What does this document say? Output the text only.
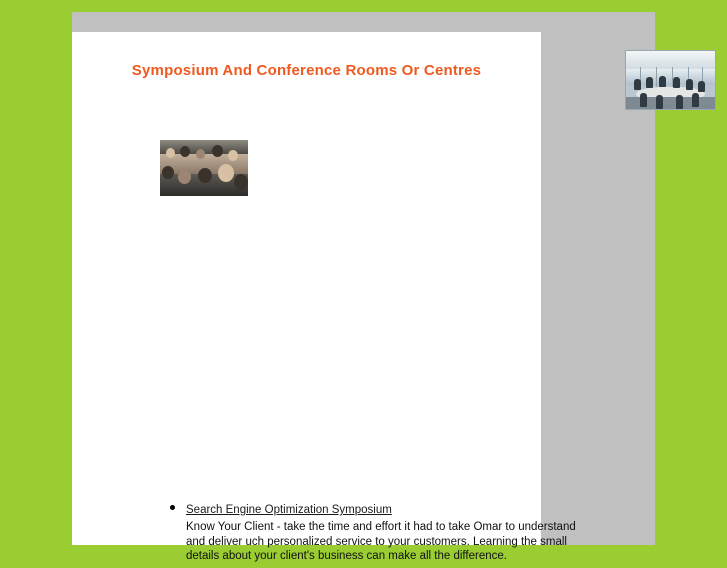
Symposium And Conference Rooms Or Centres
Search Engine Optimization Symposium
Know Your Client - take the time and effort it had to take Omar to understand and deliver uch personalized service to your customers. Learning the small details about your client's business can make all the difference.
